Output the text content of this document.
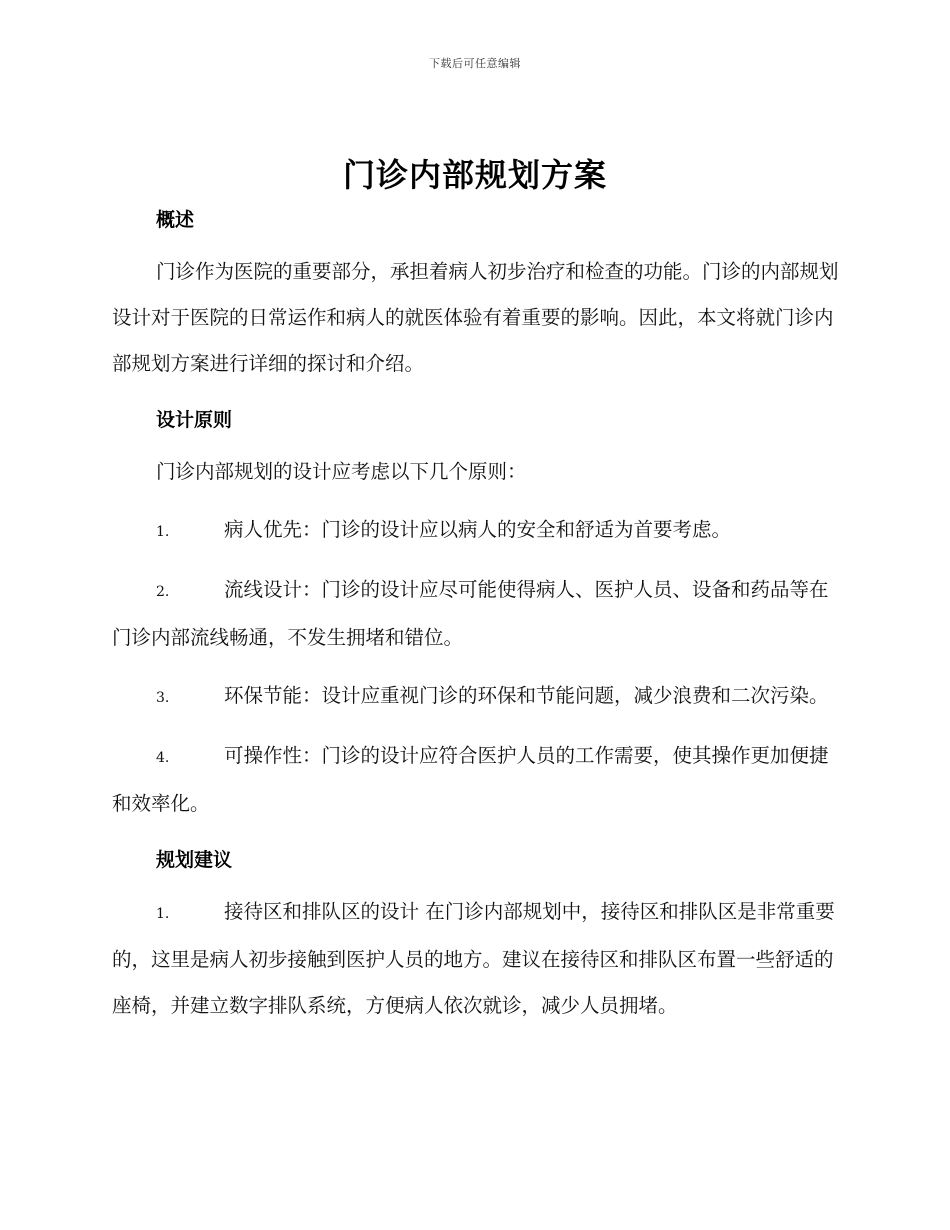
下载后可任意编辑
门诊内部规划方案
概述

门诊作为医院的重要部分，承担着病人初步治疗和检查的功能。门诊的内部规划设计对于医院的日常运作和病人的就医体验有着重要的影响。因此，本文将就门诊内部规划方案进行详细的探讨和介绍。

设计原则

门诊内部规划的设计应考虑以下几个原则：

1.	病人优先：门诊的设计应以病人的安全和舒适为首要考虑。

2.	流线设计：门诊的设计应尽可能使得病人、医护人员、设备和药品等在门诊内部流线畅通，不发生拥堵和错位。

3.	环保节能：设计应重视门诊的环保和节能问题，减少浪费和二次污染。

4.	可操作性：门诊的设计应符合医护人员的工作需要，使其操作更加便捷和效率化。

规划建议

1.	接待区和排队区的设计 在门诊内部规划中，接待区和排队区是非常重要的，这里是病人初步接触到医护人员的地方。建议在接待区和排队区布置一些舒适的座椅，并建立数字排队系统，方便病人依次就诊，减少人员拥堵。
